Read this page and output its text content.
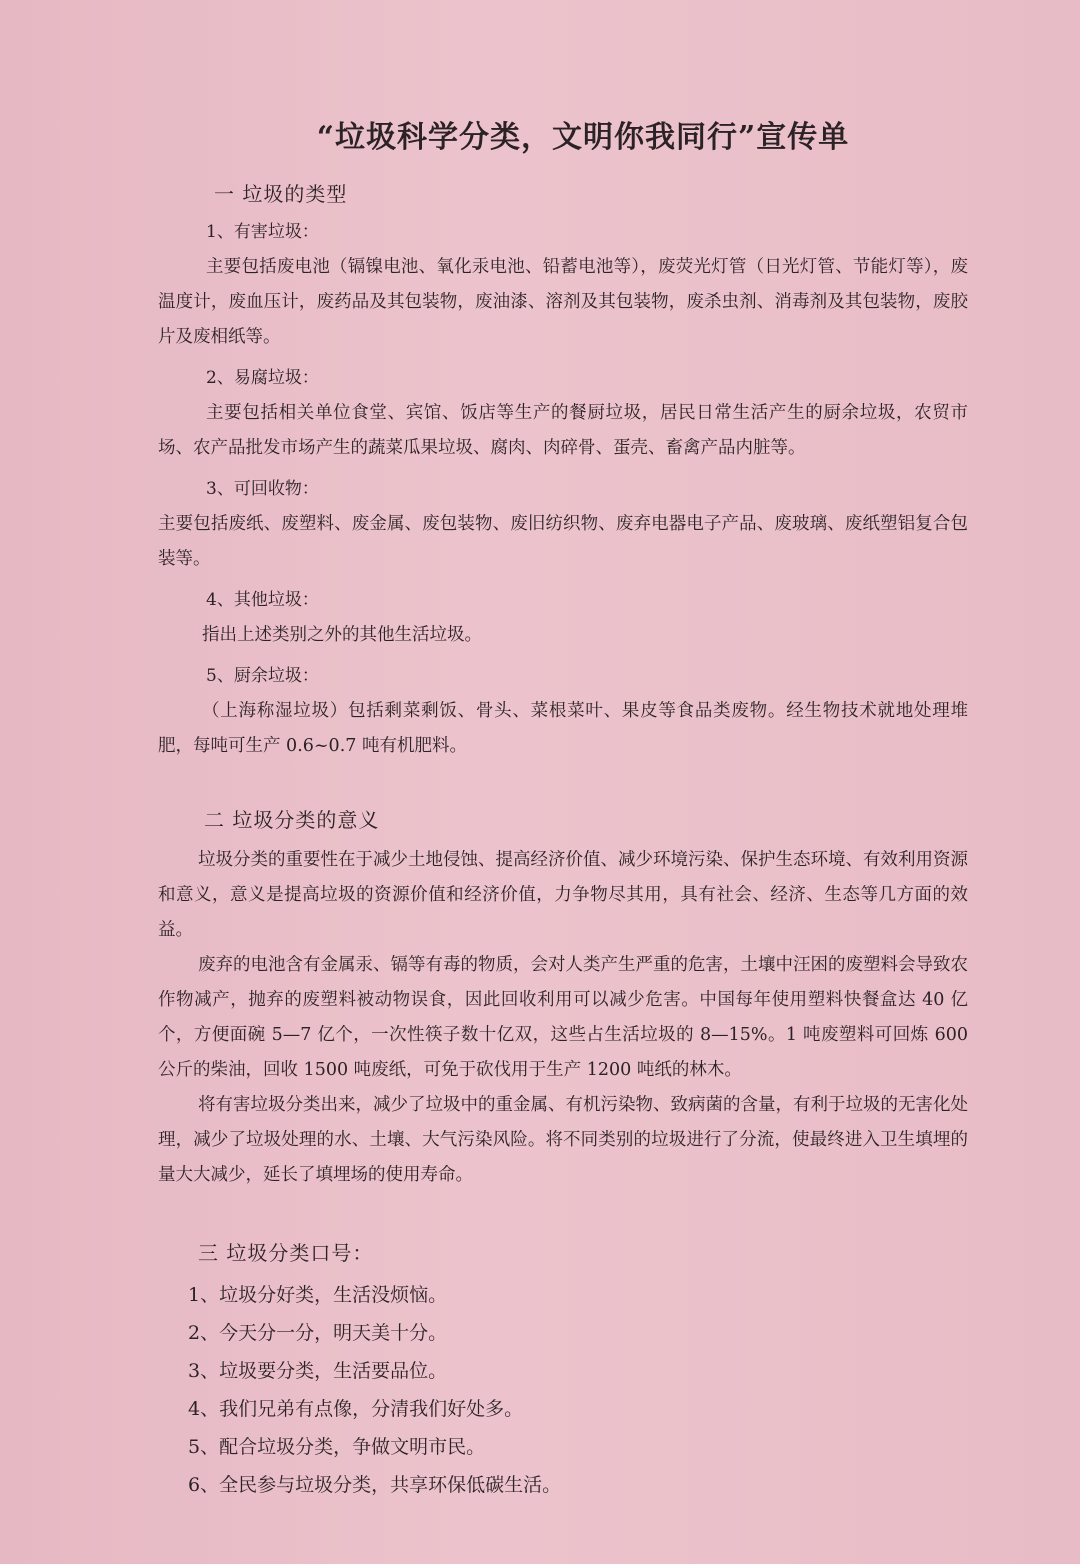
“垃圾科学分类，文明你我同行”宣传单
一 垃圾的类型
1、有害垃圾：

主要包括废电池（镉镍电池、氧化汞电池、铅蓄电池等），废荧光灯管（日光灯管、节能灯等），废温度计，废血压计，废药品及其包装物，废油漆、溶剂及其包装物，废杀虫剂、消毒剂及其包装物，废胶片及废相纸等。

2、易腐垃圾：

主要包括相关单位食堂、宾馆、饭店等生产的餐厨垃圾，居民日常生活产生的厨余垃圾，农贸市场、农产品批发市场产生的蔬菜瓜果垃圾、腐肉、肉碎骨、蛋壳、畜禽产品内脏等。

3、可回收物：

主要包括废纸、废塑料、废金属、废包装物、废旧纺织物、废弃电器电子产品、废玻璃、废纸塑铝复合包装等。

4、其他垃圾：

指出上述类别之外的其他生活垃圾。

5、厨余垃圾：

（上海称湿垃圾）包括剩菜剩饭、骨头、菜根菜叶、果皮等食品类废物。经生物技术就地处理堆肥，每吨可生产 0.6~0.7 吨有机肥料。

二 垃圾分类的意义

垃圾分类的重要性在于减少土地侵蚀、提高经济价值、减少环境污染、保护生态环境、有效利用资源和意义，意义是提高垃圾的资源价值和经济价值，力争物尽其用，具有社会、经济、生态等几方面的效益。

废弃的电池含有金属汞、镉等有毒的物质，会对人类产生严重的危害，土壤中汪困的废塑料会导致农作物减产，抛弃的废塑料被动物误食，因此回收利用可以减少危害。中国每年使用塑料快餐盒达 40 亿个，方便面碗 5—7 亿个，一次性筷子数十亿双，这些占生活垃圾的 8—15%。1 吨废塑料可回炼 600 公斤的柴油，回收 1500 吨废纸，可免于砍伐用于生产 1200 吨纸的林木。

将有害垃圾分类出来，减少了垃圾中的重金属、有机污染物、致病菌的含量，有利于垃圾的无害化处理，减少了垃圾处理的水、土壤、大气污染风险。将不同类别的垃圾进行了分流，使最终进入卫生填埋的量大大减少，延长了填埋场的使用寿命。

三 垃圾分类口号：
1、垃圾分好类，生活没烦恼。
2、今天分一分，明天美十分。
3、垃圾要分类，生活要品位。
4、我们兄弟有点像，分清我们好处多。
5、配合垃圾分类，争做文明市民。
6、全民参与垃圾分类，共享环保低碳生活。
